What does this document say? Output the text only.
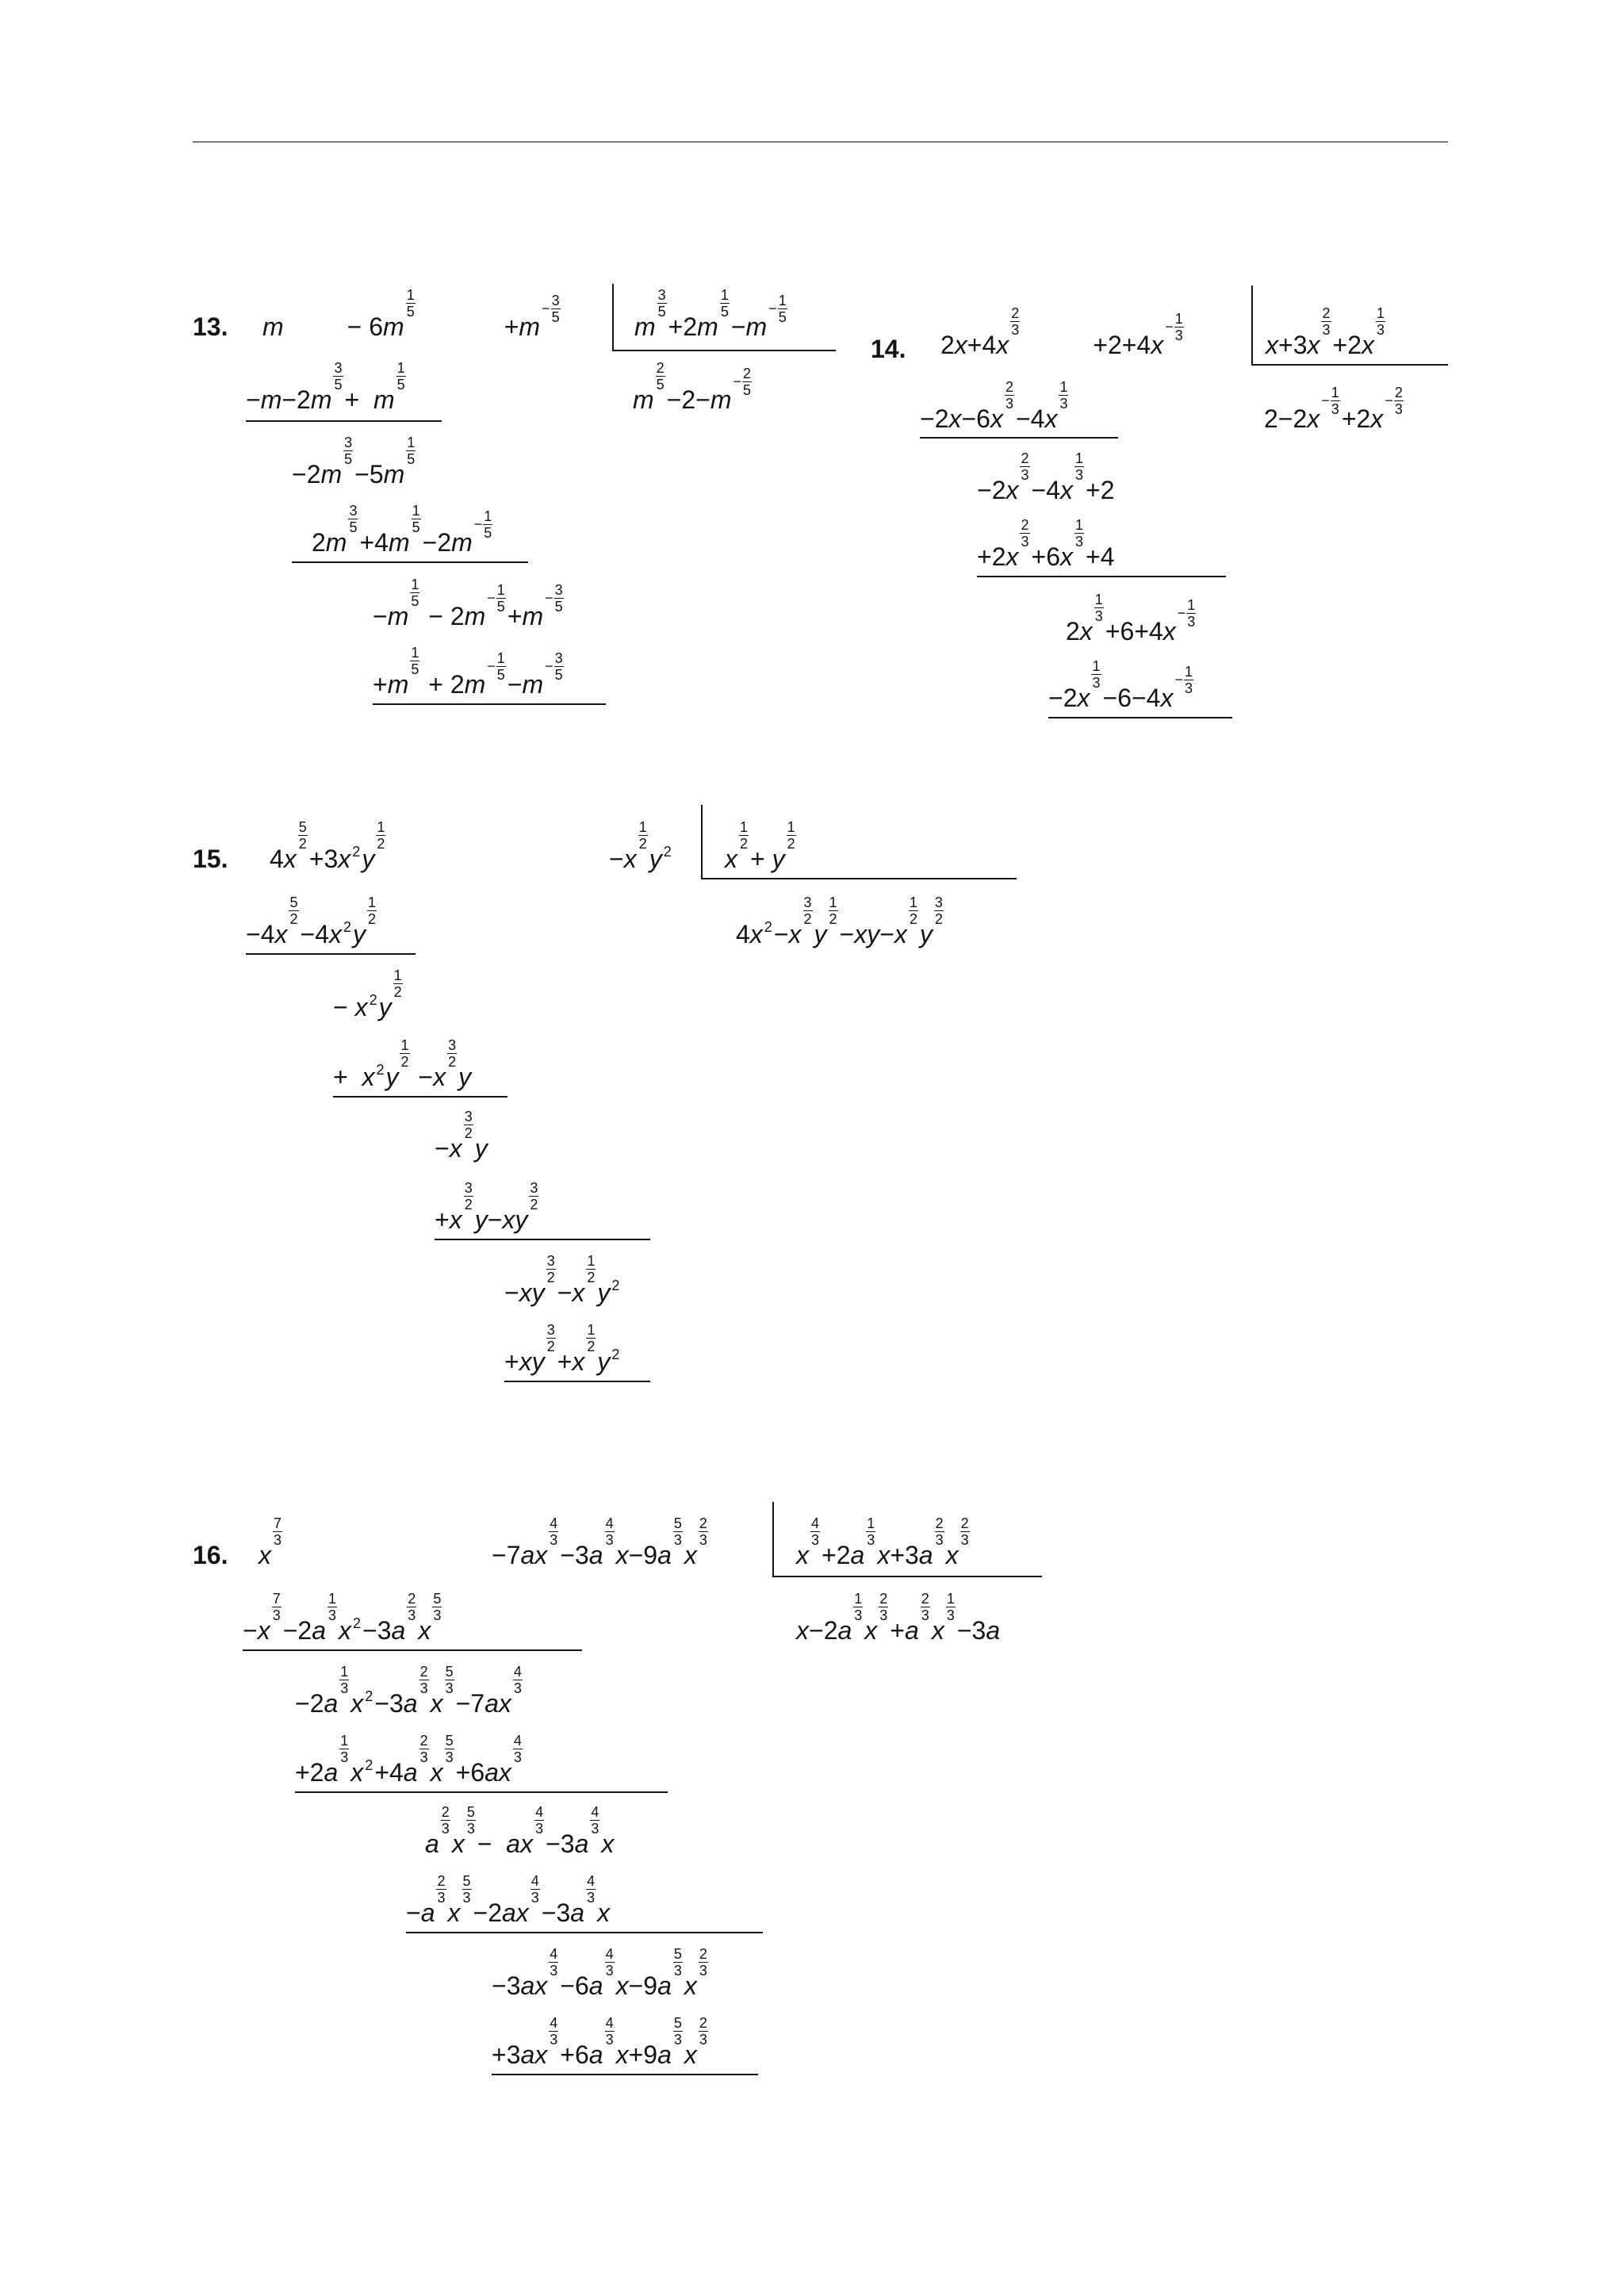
13. m	− 6m
$\frac{1}{5}$
+m
− $\frac{3}{5}$
m
$\frac{3}{5}$
+2m
$\frac{1}{5}$
−m
− $\frac{1}{5}$
m
$\frac{2}{5}$
−2−m
− $\frac{2}{5}$
−m−2m
$\frac{3}{5}$
+  m
$\frac{1}{5}$
−2m
$\frac{3}{5}$
−5m
$\frac{1}{5}$
2m
$\frac{3}{5}$
+4m
$\frac{1}{5}$
−2m
− $\frac{1}{5}$
−m
$\frac{1}{5}$
− 2m
− $\frac{1}{5}$
+m
− $\frac{3}{5}$
+m
$\frac{1}{5}$
+ 2m
− $\frac{1}{5}$
−m
− $\frac{3}{5}$
14. 2x+4x
$\frac{2}{3}$
+2+4x
− $\frac{1}{3}$
x+3x
$\frac{2}{3}$
+2x
$\frac{1}{3}$
2−2x
− $\frac{1}{3}$
+2x
− $\frac{2}{3}$
−2x−6x
$\frac{2}{3}$
−4x
$\frac{1}{3}$
−2x
$\frac{2}{3}$
−4x
$\frac{1}{3}$
+2
+2x
$\frac{2}{3}$
+6x
$\frac{1}{3}$
+4
2x
$\frac{1}{3}$
+6+4x
− $\frac{1}{3}$
−2x
$\frac{1}{3}$
−6−4x
− $\frac{1}{3}$
15. 4x
$\frac{5}{2}$
+3x 2y
$\frac{1}{2}$
−x
$\frac{1}{2}$
y 2 x
$\frac{1}{2}$
+ y
$\frac{1}{2}$
4x 2−x
$\frac{3}{2}$
y
$\frac{1}{2}$
−xy−x
$\frac{1}{2}$
y
$\frac{3}{2}$
−4x
$\frac{5}{2}$
−4x 2y
$\frac{1}{2}$
− x 2y
$\frac{1}{2}$
+  x 2y
$\frac{1}{2}$
−x
$\frac{3}{2}$
y
−x
$\frac{3}{2}$
y
+x
$\frac{3}{2}$
y−xy
$\frac{3}{2}$
−xy
$\frac{3}{2}$
−x
$\frac{1}{2}$
y 2
+xy
$\frac{3}{2}$
+x
$\frac{1}{2}$
y 2
16. x
$\frac{7}{3}$
−7ax
$\frac{4}{3}$
−3a
$\frac{4}{3}$
x−9a
$\frac{5}{3}$
x
$\frac{2}{3}$
x
$\frac{4}{3}$
+2a
$\frac{1}{3}$
x+3a
$\frac{2}{3}$
x
$\frac{2}{3}$
x−2a
$\frac{1}{3}$
x
$\frac{2}{3}$
+a
$\frac{2}{3}$
x
$\frac{1}{3}$
−3a
−x
$\frac{7}{3}$
−2a
$\frac{1}{3}$
x 2−3a
$\frac{2}{3}$
x
$\frac{5}{3}$
−2a
$\frac{1}{3}$
x 2−3a
$\frac{2}{3}$
x
$\frac{5}{3}$
−7ax
$\frac{4}{3}$
+2a
$\frac{1}{3}$
x 2+4a
$\frac{2}{3}$
x
$\frac{5}{3}$
+6ax
$\frac{4}{3}$
a
$\frac{2}{3}$
x
$\frac{5}{3}$
−  ax
$\frac{4}{3}$
−3a
$\frac{4}{3}$
x
−a
$\frac{2}{3}$
x
$\frac{5}{3}$
−2ax
$\frac{4}{3}$
−3a
$\frac{4}{3}$
x
−3ax
$\frac{4}{3}$
−6a
$\frac{4}{3}$
x−9a
$\frac{5}{3}$
x
$\frac{2}{3}$
+3ax
$\frac{4}{3}$
+6a
$\frac{4}{3}$
x+9a
$\frac{5}{3}$
x
$\frac{2}{3}$
